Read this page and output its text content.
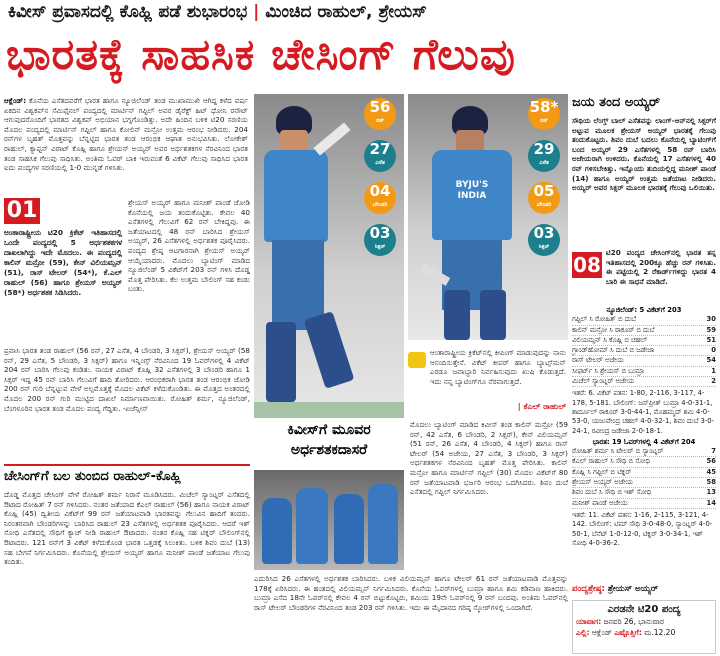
ಕಿವೀಸ್ ಪ್ರವಾಸದಲ್ಲಿ ಕೊಹ್ಲಿ ಪಡೆ ಶುಭಾರಂಭ | ಮಿಂಚಿದ ರಾಹುಲ್, ಶ್ರೇಯಸ್
ಭಾರತಕ್ಕೆ ಸಾಹಸಿಕ ಚೇಸಿಂಗ್ ಗೆಲುವು
ಆಕ್ಲೆಂಡ್: ಕೊನೆಯ ಎಸೆತದವರೆಗೆ ಭಾರತ ಹಾಗೂ ನ್ಯೂಜಿಲೆಂಡ್ ತಂಡ ಮುಖಾಮುಖಿ ಆಗಿದ್ದ ಕಳೆದ ವರ್ಷ ಏಕದಿನ ವಿಶ್ವಕಪ್‌ನ ಸೆಮಿಫೈನಲ್ ಪಂದ್ಯದಲ್ಲಿ ಮಾರ್ಟಿನ್ ಗಪ್ಟಿಲ್ ಅವರ ಡೈರೆಕ್ಟ್ ಹಿಟ್ ಧೋನಿ ರನೌಟ್ ಆಗುವುದರೊಂದಿಗೆ ಭಾರತದ ವಿಶ್ವಕಪ್ ಅಭಿಯಾನ ಭಗ್ನಗೊಂಡಿತ್ತು. ಅದೇ ಹಿಂದಿನ ಬಳಿಕ ಟಿ20 ಸರಣಿಯ ಮೊದಲ ಪಂದ್ಯದಲ್ಲಿ ಮಾರ್ಟಿನ್ ಗಪ್ಟಿಲ್ ಹಾಗೂ ಕೋಲಿನ್ ಮನ್ರೋ ಉತ್ತಮ ಆರಂಭ ನೀಡಿದರು. 204 ರನ್‌ಗಳ ಬೃಹತ್ ಮೊತ್ತವನ್ನು ಬೆನ್ನಟ್ಟಿದ ಭಾರತ ತಂಡ ಆರಂಭಿಕ ಆಘಾತ ಅನುಭವಿಸಿತು. ಲೋಕೇಶ್ ರಾಹುಲ್, ಕ್ಯಾಪ್ಟನ್ ವಿರಾಟ್ ಕೊಹ್ಲಿ ಹಾಗೂ ಶ್ರೇಯಸ್ ಅಯ್ಯರ್ ಅವರ ಅರ್ಧಶತಕಗಳ ನೆರವಿನಿಂದ ಭಾರತ ತಂಡ ಸಾಹಸಿಕ ಗೆಲುವು ಸಾಧಿಸಿತು. ಅಂತಿಮ ಓವರ್ ಬಾಕಿ ಇರುವಂತೆ 6 ವಿಕೆಟ್ ಗೆಲುವು ಸಾಧಿಸಿದ ಭಾರತ ಐದು ಪಂದ್ಯಗಳ ಸರಣಿಯಲ್ಲಿ 1-0 ಮುನ್ನಡೆ ಗಳಿಸಿತು.
01
ಅಂತಾರಾಷ್ಟ್ರೀಯ ಟಿ20 ಕ್ರಿಕೆಟ್ ಇತಿಹಾಸದಲ್ಲಿ ಒಂದೇ ಪಂದ್ಯದಲ್ಲಿ 5 ಅರ್ಧಶತಕಗಳ ದಾಖಲಾಗಿದ್ದು ಇದೇ ಮೊದಲು. ಈ ಪಂದ್ಯದಲ್ಲಿ ಕಾಲಿನ್ ಮನ್ರೋ (59), ಕೇನ್ ವಿಲಿಯಮ್ಸನ್ (51), ರಾಸ್ ಟೇಲರ್ (54*), ಕೆ.ಎಲ್ ರಾಹುಲ್ (56) ಹಾಗೂ ಶ್ರೇಯಸ್ ಅಯ್ಯರ್ (58*) ಅರ್ಧಶತಕ ಸಿಡಿಸಿದರು.
ಶ್ರೇಯಸ್ ಅಯ್ಯರ್ ಹಾಗೂ ಮನೀಶ್ ಪಾಂಡೆ ಜೋಡಿ ಕೊನೆಯಲ್ಲಿ ಜಯ ತಂದುಕೊಟ್ಟಿತು. ಕೇವಲ 40 ಎಸೆತಗಳಲ್ಲಿ ಗೆಲುವಿಗೆ 62 ರನ್ ಬೇಕಿದ್ದವು. ಈ ಜತೆಯಾಟದಲ್ಲಿ 48 ರನ್ ಬಾರಿಸಿದ ಶ್ರೇಯಸ್ ಅಯ್ಯರ್, 26 ಎಸೆತಗಳಲ್ಲಿ ಅರ್ಧಶತಕ ಪೂರೈಸಿದರು. ಪಂದ್ಯದ ಶ್ರೇಷ್ಠ ಆಟಗಾರನಾಗಿ ಶ್ರೇಯಸ್ ಅಯ್ಯರ್ ಆಯ್ಕೆಯಾದರು. ಮೊದಲು ಬ್ಯಾಟಿಂಗ್ ಮಾಡಿದ ನ್ಯೂಜಿಲೆಂಡ್ 5 ವಿಕೆಟ್‌ಗೆ 203 ರನ್ ಗಳಿಸಿ ದೊಡ್ಡ ಮೊತ್ತ ಪೇರಿಸಿತು. ಕೆಲ ಉತ್ತಮ ಬೌಲಿಂಗ್ ಸಹ ಕಂಡು ಬಂತು.
ಪ್ರವಾಸಿ ಭಾರತ ತಂಡ ರಾಹುಲ್ (56 ರನ್, 27 ಎಸೆತ, 4 ಬೌಂಡರಿ, 3 ಸಿಕ್ಸರ್), ಶ್ರೇಯಸ್ ಅಯ್ಯರ್ (58 ರನ್, 29 ಎಸೆತ, 5 ಬೌಂಡರಿ, 3 ಸಿಕ್ಸರ್) ಹಾಗೂ ಇನ್ನಿಂಗ್ಸ್ ನೆರವಿನಿಂದ 19 ಓವರ್‌ಗಳಲ್ಲಿ 4 ವಿಕೆಟ್ 204 ರನ್ ಬಾರಿಸಿ ಗೆಲುವು ಕಂಡಿತು. ನಾಯಕ ವಿರಾಟ್ ಕೊಹ್ಲಿ 32 ಎಸೆತಗಳಲ್ಲಿ 3 ಬೌಂಡರಿ ಹಾಗೂ 1 ಸಿಕ್ಸರ್ ಇದ್ದ 45 ರನ್ ಬಾರಿಸಿ ಗೆಲುವಿಗೆ ಹಾದಿ ತೋರಿದರು. ಆರಂಭಿಕರಾಗಿ ಭಾರತ ತಂಡ ಆರಂಭಿಕ ಜೋಡಿ 200 ರನ್ ಗುರಿ ಬೆನ್ನಟ್ಟುವ ವೇಳೆ ಅಲ್ಪಮೊತ್ತಕ್ಕೆ ಮೊದಲ ವಿಕೆಟ್ ಕಳೆದುಕೊಂಡಿತು. ಈ ಮೊತ್ತದ ಅಂತರದಲ್ಲಿ ಮೊದಲ 200 ರನ್ ಗುರಿ ಮುಟ್ಟಿದ ದಾಖಲೆ ನಿರ್ಮಾಣವಾಯಿತು. ರೋಹಿತ್ ಶರ್ಮ, ನ್ಯೂಜಿಲೆಂಡ್, ಬೆಂಗಳೂರಿನ ಭಾರತ ತಂಡ ಮೊದಲ ಪಂದ್ಯ ಗೆದ್ದಿತು. -ಏಜೆನ್ಸೀಸ್
56
ರನ್
27
ಎಸೆತ
04
ಬೌಂಡರಿ
03
ಸಿಕ್ಸರ್
BYJU'S INDIA
58*
ರನ್
29
ಎಸೆತ
05
ಬೌಂಡರಿ
03
ಸಿಕ್ಸರ್
ಆಂತಾರಾಷ್ಟ್ರೀಯ ಕ್ರಿಕೆಟ್‌ನಲ್ಲಿ ಕೀಪಿಂಗ್ ಮಾಡುವುದನ್ನು ನಾನು ಆನಂದಿಸುತ್ತೇನೆ. ವಿಕೆಟ್ ಕೀಪರ್ ಹಾಗೂ ಬ್ಯಾಟ್ಸ್‌ಮನ್ ಎರಡೂ ಜವಾಬ್ದಾರಿ ನಿರ್ವಹಿಸುವುದು ಖುಷಿ ಕೊಡುತ್ತದೆ. ಇದು ನನ್ನ ಬ್ಯಾಟಿಂಗ್‌ಗೂ ನೆರವಾಗುತ್ತದೆ.
| ಕೆಎಲ್ ರಾಹುಲ್
ಕಿವೀಸ್‌ಗೆ ಮೂವರ ಅರ್ಧಶತಕದಾಸರೆ
ಮೊದಲು ಬ್ಯಾಟಿಂಗ್ ಮಾಡಿದ ಕಿವೀಸ್ ತಂಡ ಕಾಲಿನ್ ಮನ್ರೋ (59 ರನ್, 42 ಎಸೆತ, 6 ಬೌಂಡರಿ, 2 ಸಿಕ್ಸರ್), ಕೇನ್ ವಿಲಿಯಮ್ಸನ್ (51 ರನ್, 26 ಎಸೆತ, 4 ಬೌಂಡರಿ, 4 ಸಿಕ್ಸರ್) ಹಾಗೂ ರಾಸ್ ಟೇಲರ್ (54 ಅಜೇಯ, 27 ಎಸೆತ, 3 ಬೌಂಡರಿ, 3 ಸಿಕ್ಸರ್) ಅರ್ಧಶತಕಗಳ ನೆರವಿನಿಂದ ಬೃಹತ್ ಮೊತ್ತ ಪೇರಿಸಿತು. ಕಾಲಿನ್ ಮನ್ರೋ ಹಾಗೂ ಮಾರ್ಟಿನ್ ಗಪ್ಟಿಲ್ (30) ಮೊದಲ ವಿಕೆಟ್‌ಗೆ 80 ರನ್ ಜತೆಯಾಟವಾಡಿ ಭರ್ಜರಿ ಆರಂಭ ಒದಗಿಸಿದರು. ಶಿವಂ ದುಬೆ ಎಸೆತದಲ್ಲಿ ಗಪ್ಟಿಲ್ ನಿರ್ಗಮಿಸಿದರು.
ಎದುರಿಸಿದ 26 ಎಸೆತಗಳಲ್ಲಿ ಅರ್ಧಶತಕ ಬಾರಿಸಿದರು. ಬಳಿಕ ವಿಲಿಯಮ್ಸನ್ ಹಾಗೂ ಟೇಲರ್ 61 ರನ್ ಜತೆಯಾಟವಾಡಿ ಮೊತ್ತವನ್ನು 178ಕ್ಕೆ ಏರಿಸಿದರು. ಈ ಹಂತದಲ್ಲಿ ವಿಲಿಯಮ್ಸನ್ ನಿರ್ಗಮಿಸಿದರು. ಕೊನೆಯ ಓವರ್‌ಗಳಲ್ಲಿ ಬುಮ್ರಾ ಹಾಗೂ ಶಮಿ ಕಡಿವಾಣ ಹಾಕಿದರು. ಬುಮ್ರಾ ಎಸೆದ 18ನೇ ಓವರ್‌ನಲ್ಲಿ ಕೇವಲ 4 ರನ್ ಬಿಟ್ಟುಕೊಟ್ಟರು, ಶಮಿಯ 19ನೇ ಓವರ್‌ನಲ್ಲಿ 9 ರನ್ ಬಂದವು. ಅಂತಿಮ ಓವರ್‌ನಲ್ಲಿ ರಾಸ್ ಟೇಲರ್ ಬೌಂಡರಿಗಳ ನೆರವಿನಿಂದ ತಂಡ 203 ರನ್ ಗಳಿಸಿತು. ಇದು ಈ ಮೈದಾನದ ಗರಿಷ್ಠ ಸ್ಕೋರ್‌ಗಳಲ್ಲಿ ಒಂದಾಗಿದೆ.
ಚೇಸಿಂಗ್‌ಗೆ ಬಲ ತುಂಬಿದ ರಾಹುಲ್-ಕೊಹ್ಲಿ
ದೊಡ್ಡ ಮೊತ್ತದ ಚೇಸಿಂಗ್ ವೇಳೆ ರೋಹಿತ್ ಶರ್ಮ ನಿರಾಸೆ ಮೂಡಿಸಿದರು. ಮಿಚೆಲ್ ಸ್ಯಾಂಟ್ನರ್ ಎಸೆತದಲ್ಲಿ ಔಟಾದ ರೋಹಿತ್ 7 ರನ್ ಗಳಿಸಿದರು. ನಂತರ ಜತೆಯಾದ ಕೆಎಲ್ ರಾಹುಲ್ (56) ಹಾಗೂ ನಾಯಕ ವಿರಾಟ್ ಕೊಹ್ಲಿ (45) ದ್ವಿತೀಯ ವಿಕೆಟ್‌ಗೆ 99 ರನ್ ಜತೆಯಾಟವಾಡಿ ಭಾರತವನ್ನು ಗೆಲುವಿನ ಹಾದಿಗೆ ತಂದರು. ನಿರಂತರವಾಗಿ ಬೌಂಡರಿಗಳನ್ನು ಬಾರಿಸಿದ ರಾಹುಲ್ 23 ಎಸೆತಗಳಲ್ಲಿ ಅರ್ಧಶತಕ ಪೂರೈಸಿದರು. ಆದರೆ ಇಶ್ ಸೋಧಿ ಎಸೆತದಲ್ಲಿ ಸೌಥಿಗೆ ಕ್ಯಾಚ್ ನೀಡಿ ರಾಹುಲ್ ಔಟಾದರು. ನಂತರ ಕೊಹ್ಲಿ ಸಹ ಟಿಕ್ನರ್ ಬೌಲಿಂಗ್‌ನಲ್ಲಿ ಔಟಾದರು. 121 ರನ್‌ಗೆ 3 ವಿಕೆಟ್ ಕಳೆದುಕೊಂಡ ಭಾರತ ಒತ್ತಡಕ್ಕೆ ಸಿಲುಕಿತು. ಬಳಿಕ ಶಿವಂ ದುಬೆ (13) ಸಹ ಬೇಗನೆ ನಿರ್ಗಮಿಸಿದರು. ಕೊನೆಯಲ್ಲಿ ಶ್ರೇಯಸ್ ಅಯ್ಯರ್ ಹಾಗೂ ಮನೀಶ್ ಪಾಂಡೆ ಜತೆಯಾಟ ಗೆಲುವು ತಂದಿತು.
ಜಯ ತಂದ ಅಯ್ಯರ್
ಸೌಥಿಯ ಲೆಂಗ್ತ್ ಬಾಲ್ ಎಸೆತವನ್ನು ಲಾಂಗ್-ಆನ್‌ನಲ್ಲಿ ಸಿಕ್ಸರ್‌ಗೆ ಅಟ್ಟುವ ಮೂಲಕ ಶ್ರೇಯಸ್ ಅಯ್ಯರ್ ಭಾರತಕ್ಕೆ ಗೆಲುವು ತಂದುಕೊಟ್ಟರು. ಶಿವಂ ದುಬೆ ಬದಲು ಕೊನೆಯಲ್ಲಿ ಬ್ಯಾಟಿಂಗ್‌ಗೆ ಬಂದ ಅಯ್ಯರ್ 29 ಎಸೆತಗಳಲ್ಲಿ 58 ರನ್ ಬಾರಿಸಿ ಅಜೇಯರಾಗಿ ಉಳಿದರು. ಕೊನೆಯಲ್ಲಿ 17 ಎಸೆತಗಳಲ್ಲಿ 40 ರನ್ ಗಳಿಸಬೇಕಿತ್ತು. ಇನ್ನೊಂದು ತುದಿಯಲ್ಲಿದ್ದ ಮನೀಶ್ ಪಾಂಡೆ (14) ಹಾಗೂ ಅಯ್ಯರ್ ಉತ್ತಮ ಜತೆಯಾಟ ನೀಡಿದರು. ಅಯ್ಯರ್ ಅವರ ಸಿಕ್ಸರ್ ಮೂಲಕ ಭಾರತಕ್ಕೆ ಗೆಲುವು ಒಲಿಯಿತು.
08
ಟಿ20 ಪಂದ್ಯದ ಚೇಸಿಂಗ್‌ನಲ್ಲಿ ಭಾರತ ತನ್ನ ಇತಿಹಾಸದಲ್ಲಿ 200ಕ್ಕೂ ಹೆಚ್ಚು ರನ್ ಗಳಿಸಿತು. ಈ ಪಟ್ಟಿಯಲ್ಲಿ 2 ರೆಕಾರ್ಡ್‌ಗಳಿದ್ದು ಭಾರತ 4 ಬಾರಿ ಈ ಸಾಧನೆ ಮಾಡಿದೆ.
ನ್ಯೂಜಿಲೆಂಡ್: 5 ವಿಕೆಟ್‌ಗೆ 203
ಗಪ್ಟಿಲ್ ಸಿ ರೋಹಿತ್ ಬಿ ದುಬೆ	30
ಕಾಲಿನ್ ಮನ್ರೋ ಸಿ ಠಾಕೂರ್ ಬಿ ದುಬೆ	59
ವಿಲಿಯಮ್ಸನ್ ಸಿ ಕೊಹ್ಲಿ ಬಿ ಚಹಲ್	51
ಗ್ರಾಂಡ್‌ಹೋಮ್ ಸಿ ದುಬೆ ಬಿ ಜಡೇಜಾ	0
ರಾಸ್ ಟೇಲರ್ ಅಜೇಯ	54
ಸೀಫರ್ಟ್ ಸಿ ಶ್ರೇಯಸ್ ಬಿ ಬುಮ್ರಾ	1
ಮಿಚೆಲ್ ಸ್ಯಾಂಟ್ನರ್ ಅಜೇಯ	2
ಇತರೆ: 6. ವಿಕೆಟ್ ಪತನ: 1-80, 2-116, 3-117, 4-178, 5-181. ಬೌಲಿಂಗ್: ಜಸ್‌ಪ್ರೀತ್ ಬುಮ್ರಾ 4-0-31-1, ಶಾರ್ದೂಲ್ ಠಾಕೂರ್ 3-0-44-1, ಮೊಹಮ್ಮದ್ ಶಮಿ 4-0-53-0, ಯಜುವೇಂದ್ರ ಚಹಲ್ 4-0-32-1, ಶಿವಂ ದುಬೆ 3-0-24-1, ರವೀಂದ್ರ ಜಡೇಜಾ 2-0-18-1.
ಭಾರತ: 19 ಓವರ್‌ಗಳಲ್ಲಿ 4 ವಿಕೆಟ್‌ಗೆ 204
ರೋಹಿತ್ ಶರ್ಮ ಸಿ ಟೇಲರ್ ಬಿ ಸ್ಯಾಂಟ್ನರ್	7
ಕೆಎಲ್ ರಾಹುಲ್ ಸಿ ಸೌಥಿ ಬಿ ಸೋಧಿ	56
ಕೊಹ್ಲಿ ಸಿ ಗಪ್ಟಿಲ್ ಬಿ ಟಿಕ್ನರ್	45
ಶ್ರೇಯಸ್ ಅಯ್ಯರ್ ಅಜೇಯ	58
ಶಿವಂ ದುಬೆ ಸಿ ಸೌಥಿ ಬಿ ಇಶ್ ಸೋಧಿ	13
ಮನೀಶ್ ಪಾಂಡೆ ಅಜೇಯ	14
ಇತರೆ: 11. ವಿಕೆಟ್ ಪತನ: 1-16, 2-115, 3-121, 4-142. ಬೌಲಿಂಗ್: ಟಿಮ್ ಸೌಥಿ 3-0-48-0, ಸ್ಯಾಂಟ್ನರ್ 4-0-50-1, ಬೆನೆಟ್ 1-0-12-0, ಟಿಕ್ನರ್ 3-0-34-1, ಇಶ್ ಸೋಧಿ 4-0-36-2.
ಪಂದ್ಯಶ್ರೇಷ್ಠ: ಶ್ರೇಯಸ್ ಅಯ್ಯರ್
ಎರಡನೇ ಟಿ20 ಪಂದ್ಯ
ಯಾವಾಗ: ಜನವರಿ 26, ಭಾನುವಾರ
ಎಲ್ಲಿ: ಆಕ್ಲೆಂಡ್ ಎಷ್ಟೊತ್ತಿಗೆ: ಮ.12.20
